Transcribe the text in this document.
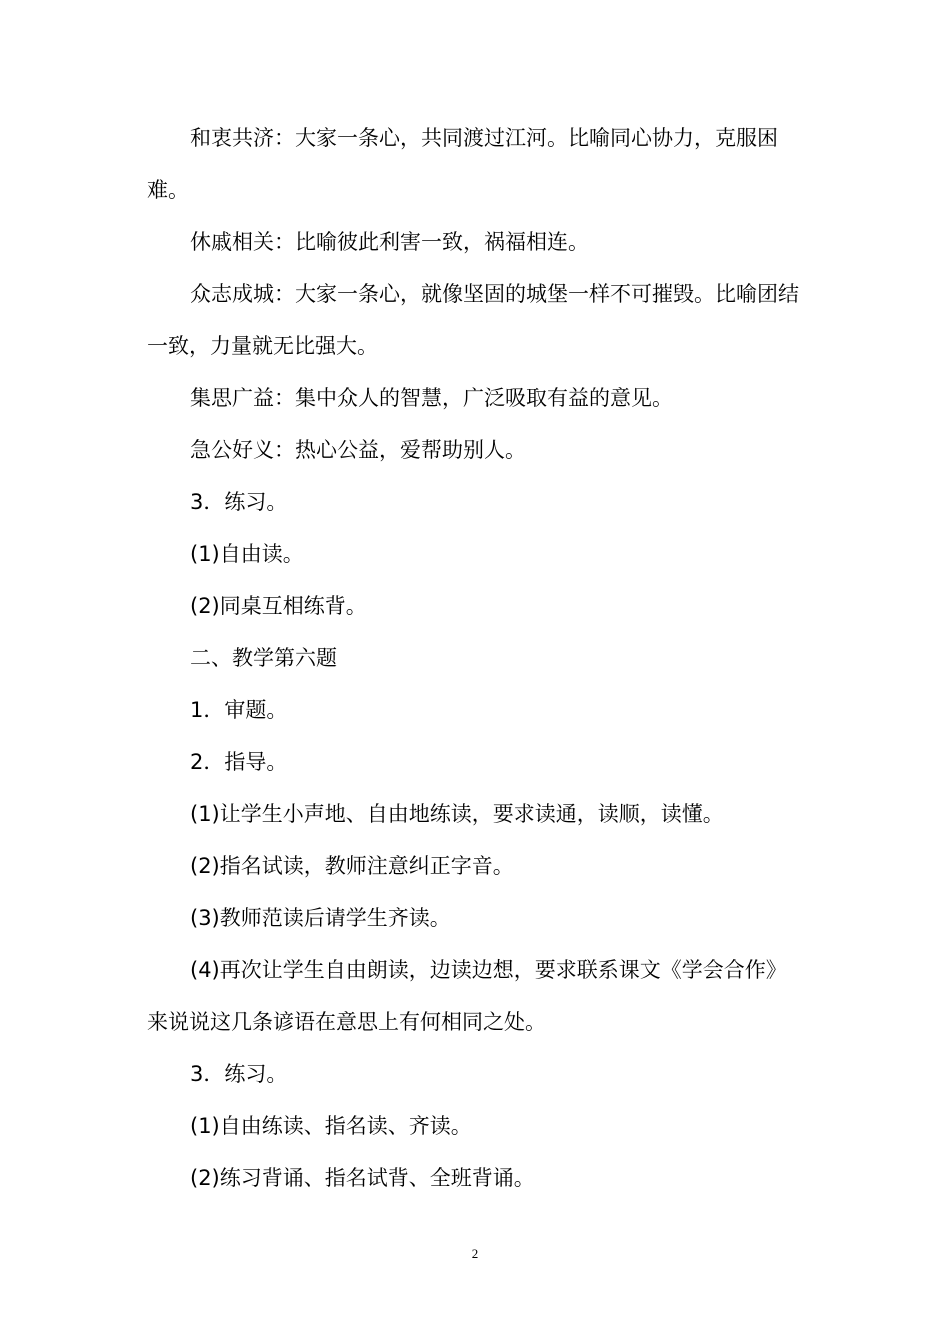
和衷共济：大家一条心，共同渡过江河。比喻同心协力，克服困难。

休戚相关：比喻彼此利害一致，祸福相连。

众志成城：大家一条心，就像坚固的城堡一样不可摧毁。比喻团结一致，力量就无比强大。

集思广益：集中众人的智慧，广泛吸取有益的意见。

急公好义：热心公益，爱帮助别人。

3．练习。

(1)自由读。

(2)同桌互相练背。

二、教学第六题

1．审题。

2．指导。

(1)让学生小声地、自由地练读，要求读通，读顺，读懂。

(2)指名试读，教师注意纠正字音。

(3)教师范读后请学生齐读。

(4)再次让学生自由朗读，边读边想，要求联系课文《学会合作》来说说这几条谚语在意思上有何相同之处。

3．练习。

(1)自由练读、指名读、齐读。

(2)练习背诵、指名试背、全班背诵。

2
